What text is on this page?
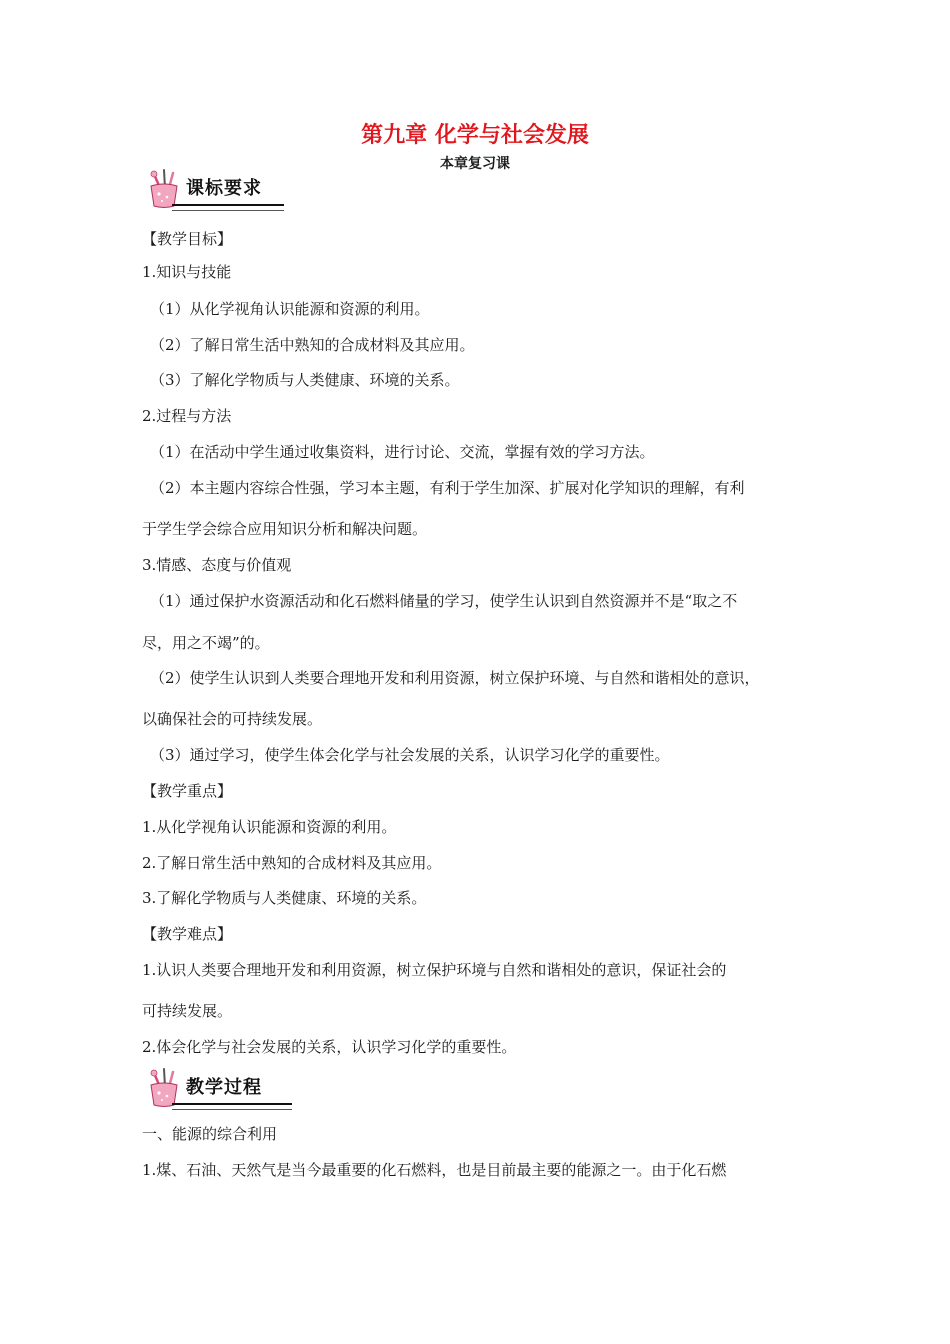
第九章 化学与社会发展
本章复习课
课标要求
【教学目标】
1.知识与技能
（1）从化学视角认识能源和资源的利用。
（2）了解日常生活中熟知的合成材料及其应用。
（3）了解化学物质与人类健康、环境的关系。
2.过程与方法
（1）在活动中学生通过收集资料，进行讨论、交流，掌握有效的学习方法。
（2）本主题内容综合性强，学习本主题，有利于学生加深、扩展对化学知识的理解，有利
于学生学会综合应用知识分析和解决问题。
3.情感、态度与价值观
（1）通过保护水资源活动和化石燃料储量的学习，使学生认识到自然资源并不是“取之不
尽，用之不竭”的。
（2）使学生认识到人类要合理地开发和利用资源，树立保护环境、与自然和谐相处的意识，
以确保社会的可持续发展。
（3）通过学习，使学生体会化学与社会发展的关系，认识学习化学的重要性。
【教学重点】
1.从化学视角认识能源和资源的利用。
2.了解日常生活中熟知的合成材料及其应用。
3.了解化学物质与人类健康、环境的关系。
【教学难点】
1.认识人类要合理地开发和利用资源，树立保护环境与自然和谐相处的意识，保证社会的
可持续发展。
2.体会化学与社会发展的关系，认识学习化学的重要性。
教学过程
一、能源的综合利用
1.煤、石油、天然气是当今最重要的化石燃料，也是目前最主要的能源之一。由于化石燃
